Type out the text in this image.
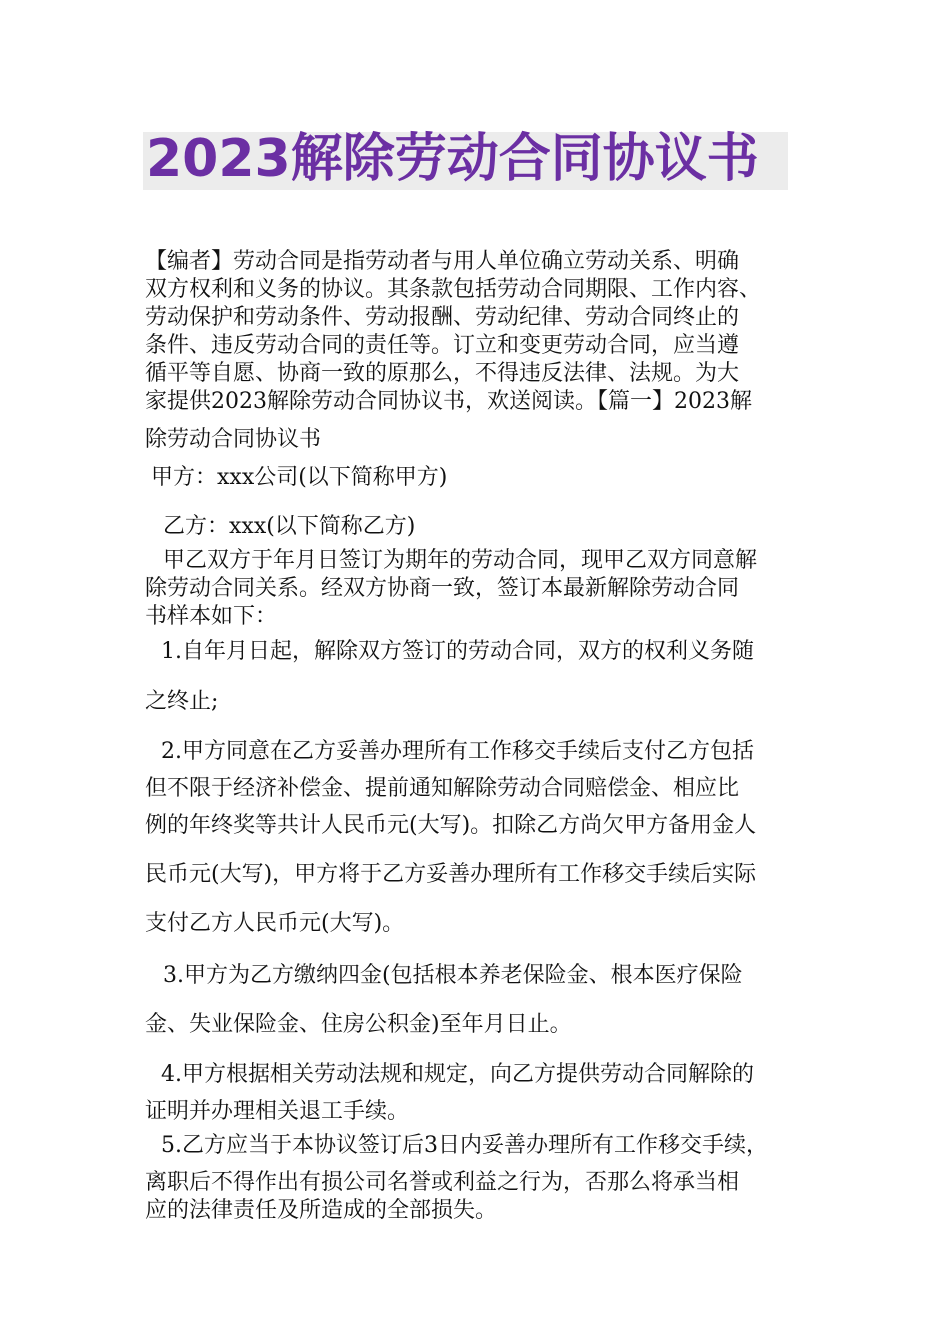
2023解除劳动合同协议书
【编者】劳动合同是指劳动者与用人单位确立劳动关系、明确
双方权利和义务的协议。其条款包括劳动合同期限、工作内容、
劳动保护和劳动条件、劳动报酬、劳动纪律、劳动合同终止的
条件、违反劳动合同的责任等。订立和变更劳动合同，应当遵
循平等自愿、协商一致的原那么，不得违反法律、法规。为大
家提供2023解除劳动合同协议书，欢送阅读。【篇一】2023解
除劳动合同协议书
甲方：xxx公司(以下简称甲方)
乙方：xxx(以下简称乙方)
甲乙双方于年月日签订为期年的劳动合同，现甲乙双方同意解
除劳动合同关系。经双方协商一致，签订本最新解除劳动合同
书样本如下：
1.自年月日起，解除双方签订的劳动合同，双方的权利义务随
之终止;
2.甲方同意在乙方妥善办理所有工作移交手续后支付乙方包括
但不限于经济补偿金、提前通知解除劳动合同赔偿金、相应比
例的年终奖等共计人民币元(大写)。扣除乙方尚欠甲方备用金人
民币元(大写)，甲方将于乙方妥善办理所有工作移交手续后实际
支付乙方人民币元(大写)。
3.甲方为乙方缴纳四金(包括根本养老保险金、根本医疗保险
金、失业保险金、住房公积金)至年月日止。
4.甲方根据相关劳动法规和规定，向乙方提供劳动合同解除的
证明并办理相关退工手续。
5.乙方应当于本协议签订后3日内妥善办理所有工作移交手续，
离职后不得作出有损公司名誉或利益之行为，否那么将承当相
应的法律责任及所造成的全部损失。
